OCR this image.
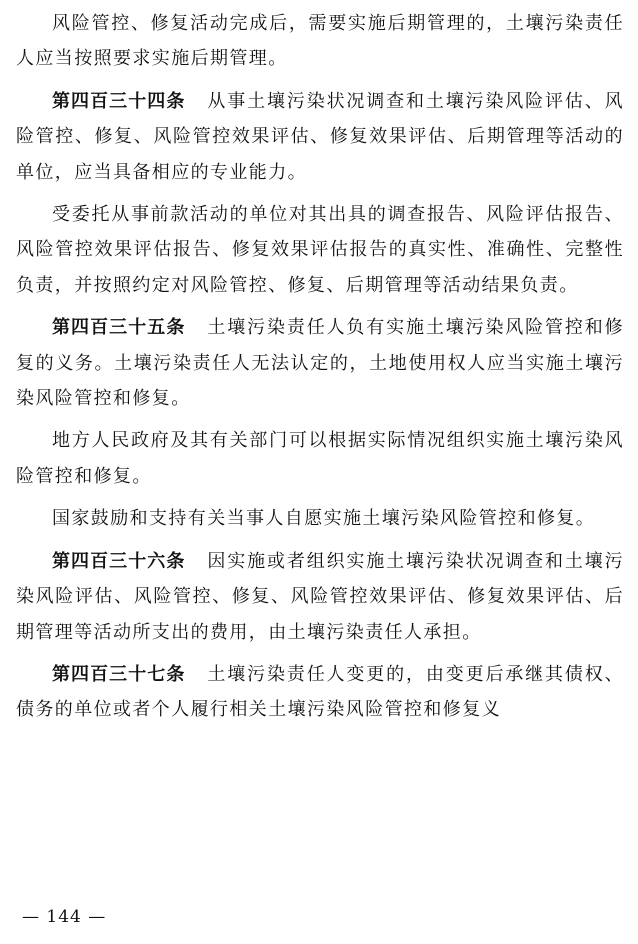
风险管控、修复活动完成后，需要实施后期管理的，土壤污染责任人应当按照要求实施后期管理。

第四百三十四条 从事土壤污染状况调查和土壤污染风险评估、风险管控、修复、风险管控效果评估、修复效果评估、后期管理等活动的单位，应当具备相应的专业能力。

受委托从事前款活动的单位对其出具的调查报告、风险评估报告、风险管控效果评估报告、修复效果评估报告的真实性、准确性、完整性负责，并按照约定对风险管控、修复、后期管理等活动结果负责。

第四百三十五条 土壤污染责任人负有实施土壤污染风险管控和修复的义务。土壤污染责任人无法认定的，土地使用权人应当实施土壤污染风险管控和修复。

地方人民政府及其有关部门可以根据实际情况组织实施土壤污染风险管控和修复。

国家鼓励和支持有关当事人自愿实施土壤污染风险管控和修复。

第四百三十六条 因实施或者组织实施土壤污染状况调查和土壤污染风险评估、风险管控、修复、风险管控效果评估、修复效果评估、后期管理等活动所支出的费用，由土壤污染责任人承担。

第四百三十七条 土壤污染责任人变更的，由变更后承继其债权、债务的单位或者个人履行相关土壤污染风险管控和修复义

— 144 —
